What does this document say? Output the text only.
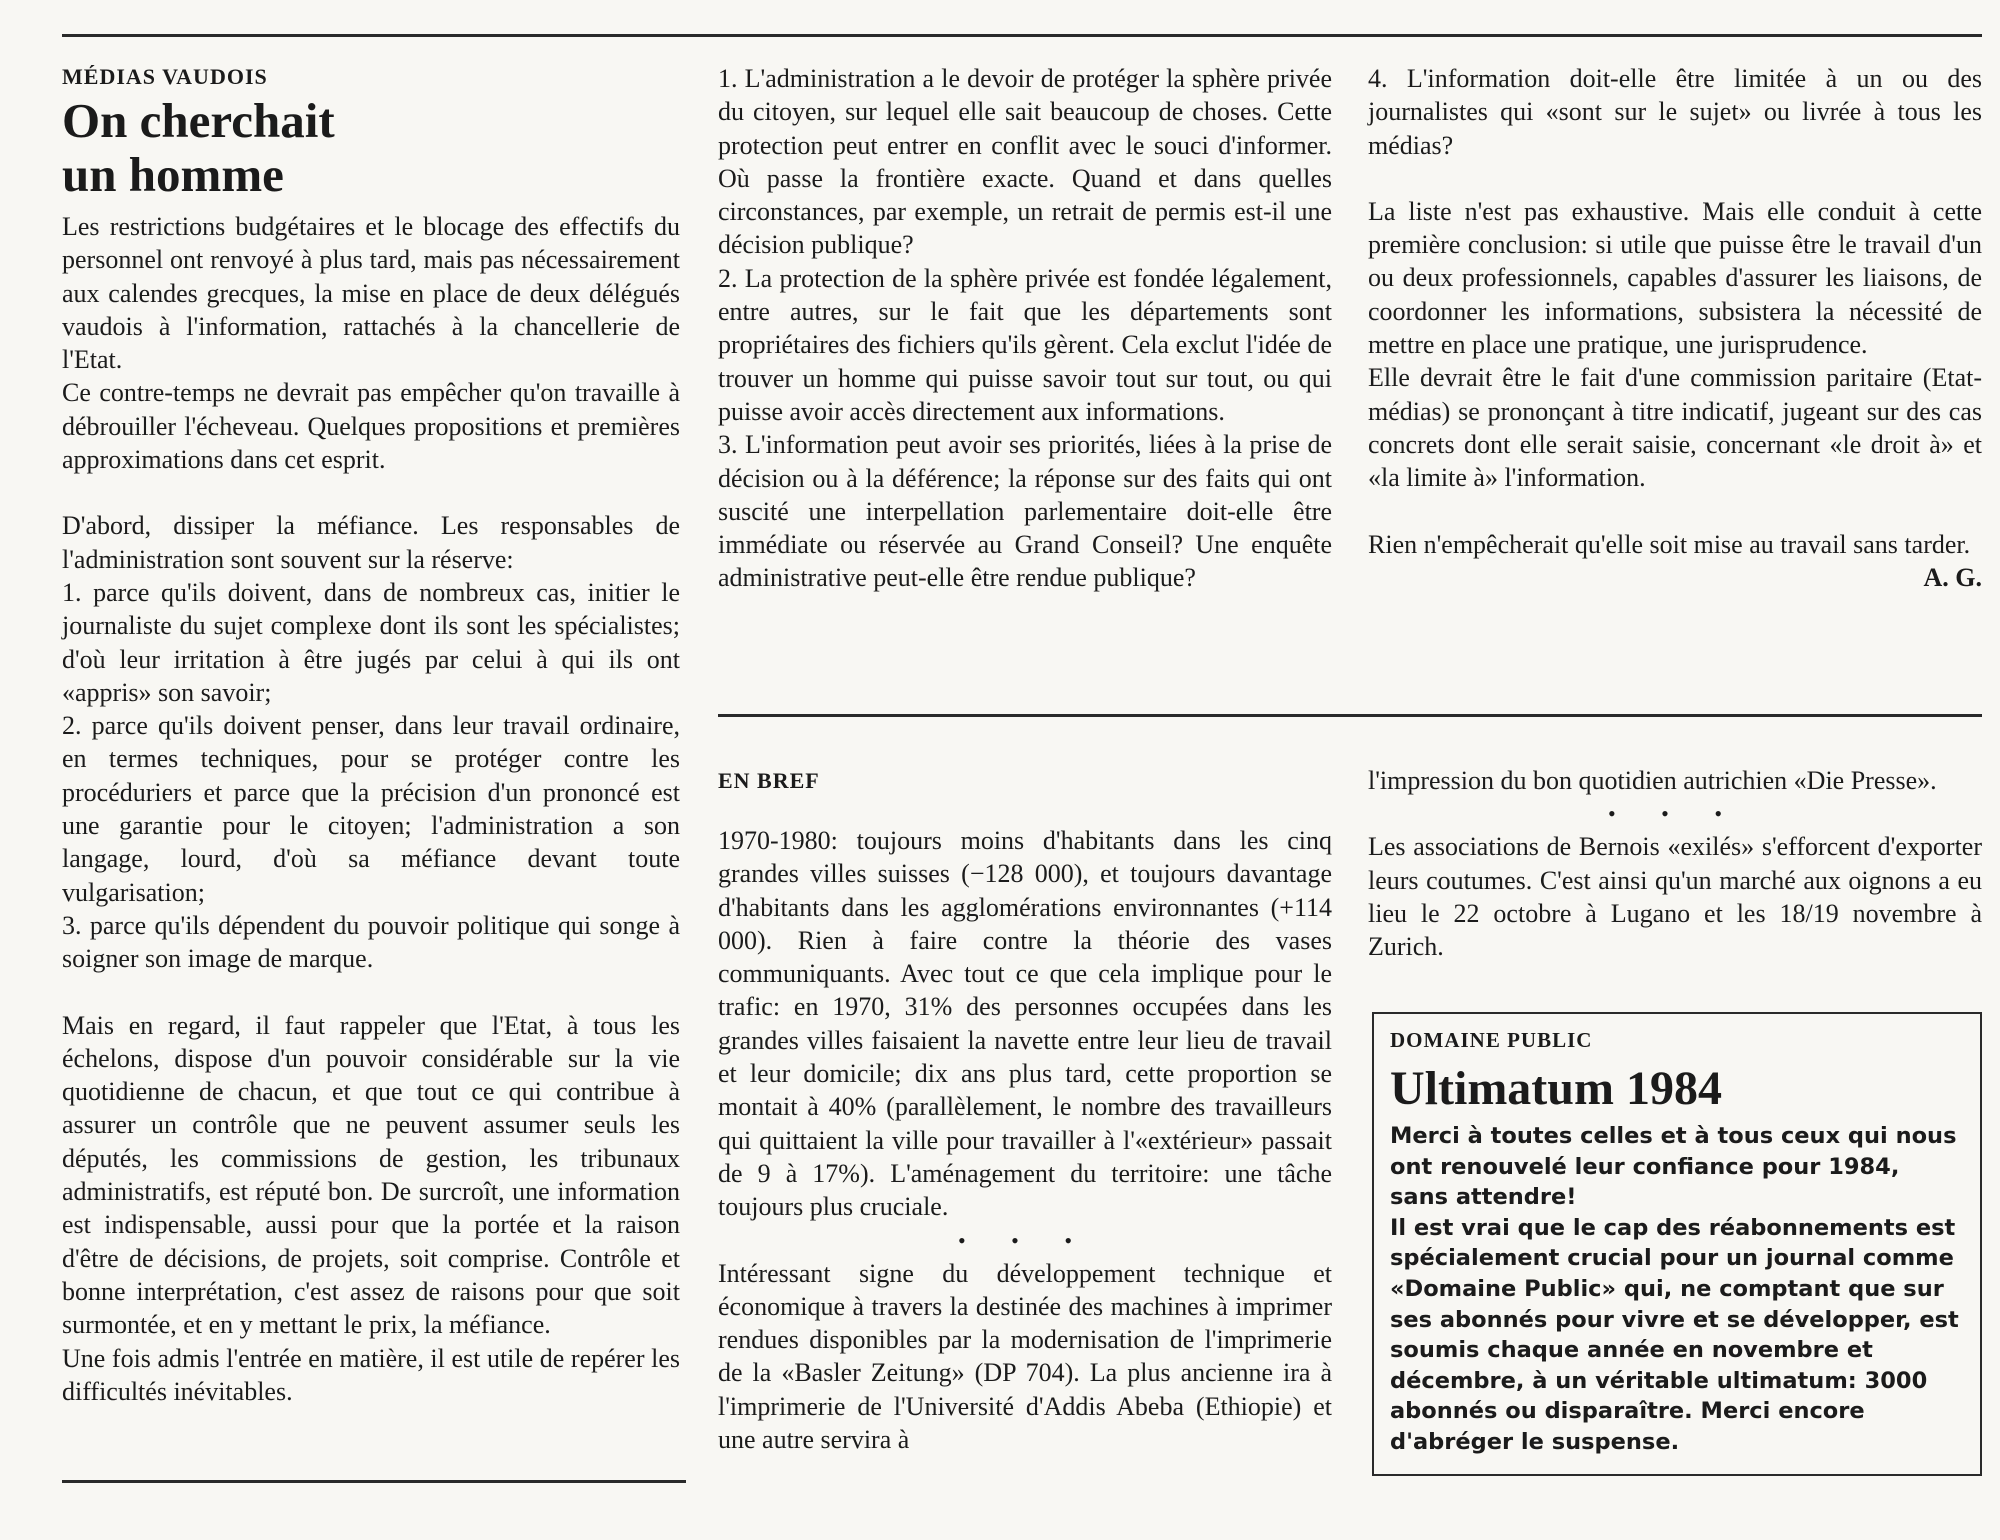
MÉDIAS VAUDOIS

On cherchait
un homme

Les restrictions budgétaires et le blocage des effectifs du personnel ont renvoyé à plus tard, mais pas nécessairement aux calendes grecques, la mise en place de deux délégués vaudois à l'information, rattachés à la chancellerie de l'Etat.

Ce contre-temps ne devrait pas empêcher qu'on travaille à débrouiller l'écheveau. Quelques propositions et premières approximations dans cet esprit.

D'abord, dissiper la méfiance. Les responsables de l'administration sont souvent sur la réserve:

1. parce qu'ils doivent, dans de nombreux cas, initier le journaliste du sujet complexe dont ils sont les spécialistes; d'où leur irritation à être jugés par celui à qui ils ont «appris» son savoir;

2. parce qu'ils doivent penser, dans leur travail ordinaire, en termes techniques, pour se protéger contre les procéduriers et parce que la précision d'un prononcé est une garantie pour le citoyen; l'administration a son langage, lourd, d'où sa méfiance devant toute vulgarisation;

3. parce qu'ils dépendent du pouvoir politique qui songe à soigner son image de marque.

Mais en regard, il faut rappeler que l'Etat, à tous les échelons, dispose d'un pouvoir considérable sur la vie quotidienne de chacun, et que tout ce qui contribue à assurer un contrôle que ne peuvent assumer seuls les députés, les commissions de gestion, les tribunaux administratifs, est réputé bon. De surcroît, une information est indispensable, aussi pour que la portée et la raison d'être de décisions, de projets, soit comprise. Contrôle et bonne interprétation, c'est assez de raisons pour que soit surmontée, et en y mettant le prix, la méfiance.

Une fois admis l'entrée en matière, il est utile de repérer les difficultés inévitables.

1. L'administration a le devoir de protéger la sphère privée du citoyen, sur lequel elle sait beaucoup de choses. Cette protection peut entrer en conflit avec le souci d'informer. Où passe la frontière exacte. Quand et dans quelles circonstances, par exemple, un retrait de permis est-il une décision publique?

2. La protection de la sphère privée est fondée légalement, entre autres, sur le fait que les départements sont propriétaires des fichiers qu'ils gèrent. Cela exclut l'idée de trouver un homme qui puisse savoir tout sur tout, ou qui puisse avoir accès directement aux informations.

3. L'information peut avoir ses priorités, liées à la prise de décision ou à la déférence; la réponse sur des faits qui ont suscité une interpellation parlementaire doit-elle être immédiate ou réservée au Grand Conseil? Une enquête administrative peut-elle être rendue publique?

4. L'information doit-elle être limitée à un ou des journalistes qui «sont sur le sujet» ou livrée à tous les médias?

La liste n'est pas exhaustive. Mais elle conduit à cette première conclusion: si utile que puisse être le travail d'un ou deux professionnels, capables d'assurer les liaisons, de coordonner les informations, subsistera la nécessité de mettre en place une pratique, une jurisprudence.

Elle devrait être le fait d'une commission paritaire (Etat-médias) se prononçant à titre indicatif, jugeant sur des cas concrets dont elle serait saisie, concernant «le droit à» et «la limite à» l'information.

Rien n'empêcherait qu'elle soit mise au travail sans tarder.

A. G.

EN BREF

1970-1980: toujours moins d'habitants dans les cinq grandes villes suisses (−128 000), et toujours davantage d'habitants dans les agglomérations environnantes (+114 000). Rien à faire contre la théorie des vases communiquants. Avec tout ce que cela implique pour le trafic: en 1970, 31% des personnes occupées dans les grandes villes faisaient la navette entre leur lieu de travail et leur domicile; dix ans plus tard, cette proportion se montait à 40% (parallèlement, le nombre des travailleurs qui quittaient la ville pour travailler à l'«extérieur» passait de 9 à 17%). L'aménagement du territoire: une tâche toujours plus cruciale.

• • •

Intéressant signe du développement technique et économique à travers la destinée des machines à imprimer rendues disponibles par la modernisation de l'imprimerie de la «Basler Zeitung» (DP 704). La plus ancienne ira à l'imprimerie de l'Université d'Addis Abeba (Ethiopie) et une autre servira à

l'impression du bon quotidien autrichien «Die Presse».

• • •

Les associations de Bernois «exilés» s'efforcent d'exporter leurs coutumes. C'est ainsi qu'un marché aux oignons a eu lieu le 22 octobre à Lugano et les 18/19 novembre à Zurich.

DOMAINE PUBLIC

Ultimatum 1984

Merci à toutes celles et à tous ceux qui nous ont renouvelé leur confiance pour 1984, sans attendre!

Il est vrai que le cap des réabonnements est spécialement crucial pour un journal comme «Domaine Public» qui, ne comptant que sur ses abonnés pour vivre et se développer, est soumis chaque année en novembre et décembre, à un véritable ultimatum: 3000 abonnés ou disparaître. Merci encore d'abréger le suspense.
